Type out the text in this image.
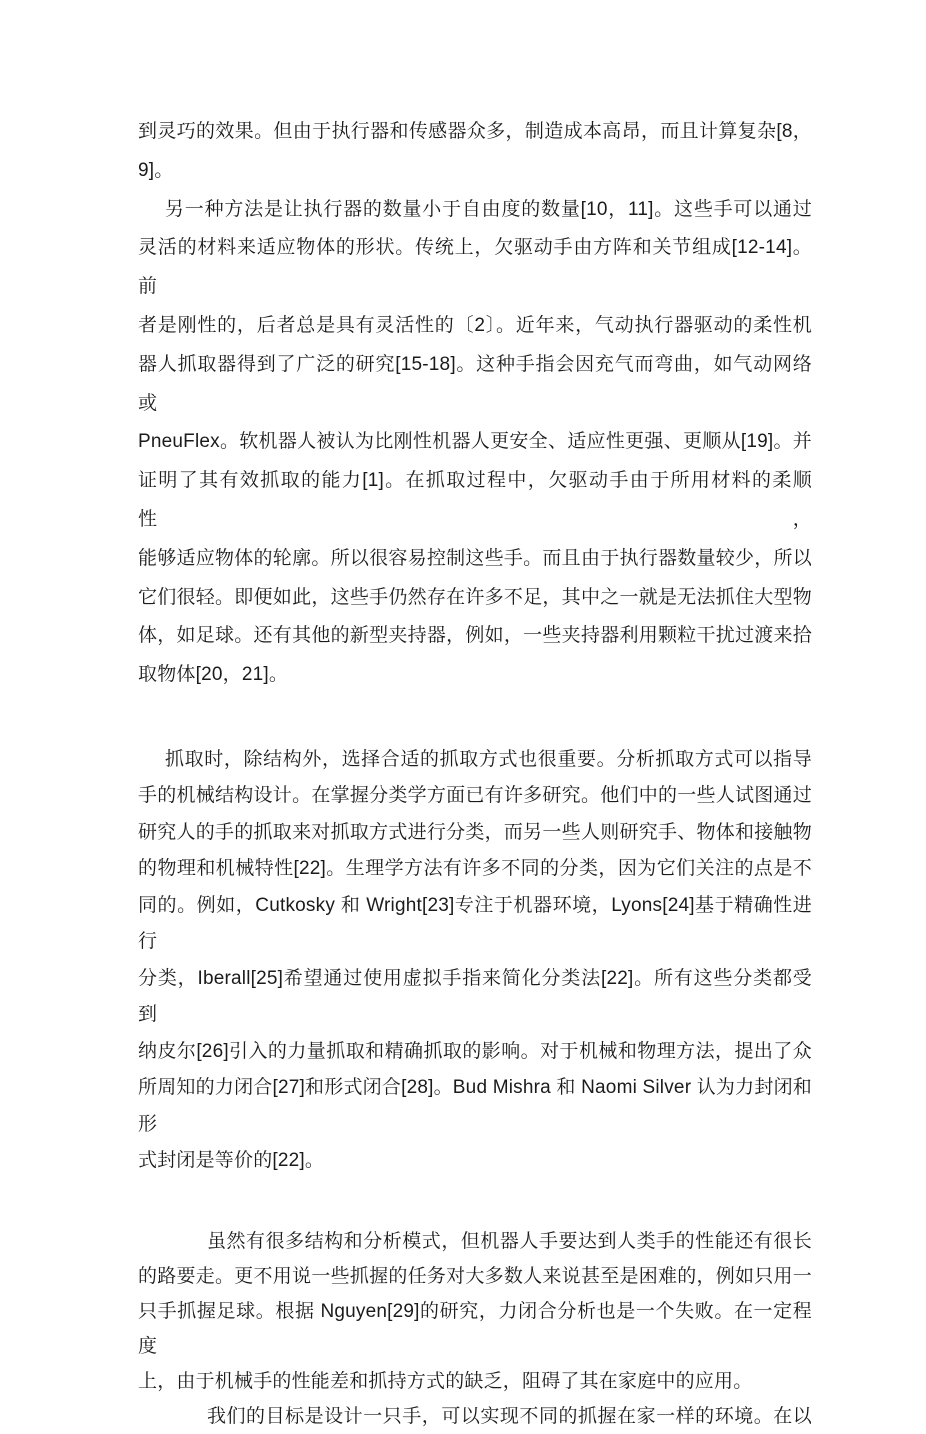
到灵巧的效果。但由于执行器和传感器众多，制造成本高昂，而且计算复杂[8，
9]。
另一种方法是让执行器的数量小于自由度的数量[10，11]。这些手可以通过
灵活的材料来适应物体的形状。传统上，欠驱动手由方阵和关节组成[12-14]。前
者是刚性的，后者总是具有灵活性的〔2〕。近年来，气动执行器驱动的柔性机
器人抓取器得到了广泛的研究[15-18]。这种手指会因充气而弯曲，如气动网络或
PneuFlex。软机器人被认为比刚性机器人更安全、适应性更强、更顺从[19]。并
证明了其有效抓取的能力[1]。在抓取过程中，欠驱动手由于所用材料的柔顺性，
能够适应物体的轮廓。所以很容易控制这些手。而且由于执行器数量较少，所以
它们很轻。即便如此，这些手仍然存在许多不足，其中之一就是无法抓住大型物
体，如足球。还有其他的新型夹持器，例如，一些夹持器利用颗粒干扰过渡来拾
取物体[20，21]。
抓取时，除结构外，选择合适的抓取方式也很重要。分析抓取方式可以指导
手的机械结构设计。在掌握分类学方面已有许多研究。他们中的一些人试图通过
研究人的手的抓取来对抓取方式进行分类，而另一些人则研究手、物体和接触物
的物理和机械特性[22]。生理学方法有许多不同的分类，因为它们关注的点是不
同的。例如，Cutkosky 和 Wright[23]专注于机器环境，Lyons[24]基于精确性进行
分类，Iberall[25]希望通过使用虚拟手指来简化分类法[22]。所有这些分类都受到
纳皮尔[26]引入的力量抓取和精确抓取的影响。对于机械和物理方法，提出了众
所周知的力闭合[27]和形式闭合[28]。Bud Mishra 和 Naomi Silver 认为力封闭和形
式封闭是等价的[22]。
虽然有很多结构和分析模式，但机器人手要达到人类手的性能还有很长
的路要走。更不用说一些抓握的任务对大多数人来说甚至是困难的，例如只用一
只手抓握足球。根据 Nguyen[29]的研究，力闭合分析也是一个失败。在一定程度
上，由于机械手的性能差和抓持方式的缺乏，阻碍了其在家庭中的应用。
我们的目标是设计一只手，可以实现不同的抓握在家一样的环境。在以
